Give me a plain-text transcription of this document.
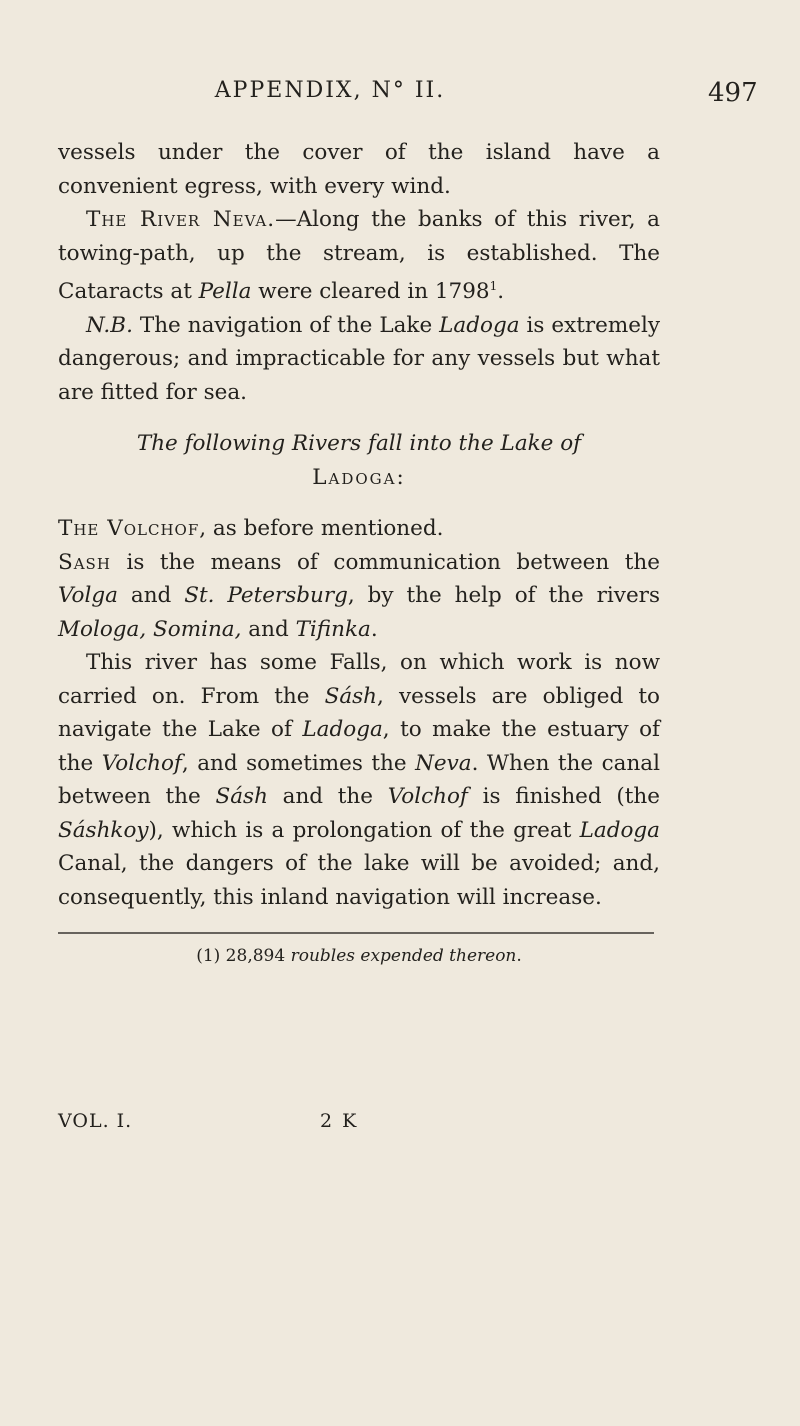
APPENDIX, N° II.	497

vessels under the cover of the island have a convenient egress, with every wind.

The River Neva.—Along the banks of this river, a towing-path, up the stream, is established. The Cataracts at Pella were cleared in 1798$^1$.

N.B. The navigation of the Lake Ladoga is extremely dangerous; and impracticable for any vessels but what are fitted for sea.

The following Rivers fall into the Lake of
Ladoga:

The Volchof, as before mentioned.

Sash is the means of communication between the Volga and St. Petersburg, by the help of the rivers Mologa, Somina, and Tifinka.

This river has some Falls, on which work is now carried on. From the Sásh, vessels are obliged to navigate the Lake of Ladoga, to make the estuary of the Volchof, and sometimes the Neva. When the canal between the Sásh and the Volchof is finished (the Sáshkoy), which is a prolongation of the great Ladoga Canal, the dangers of the lake will be avoided; and, consequently, this inland navigation will increase.

(1) 28,894 roubles expended thereon.
VOL. I.	2 K
